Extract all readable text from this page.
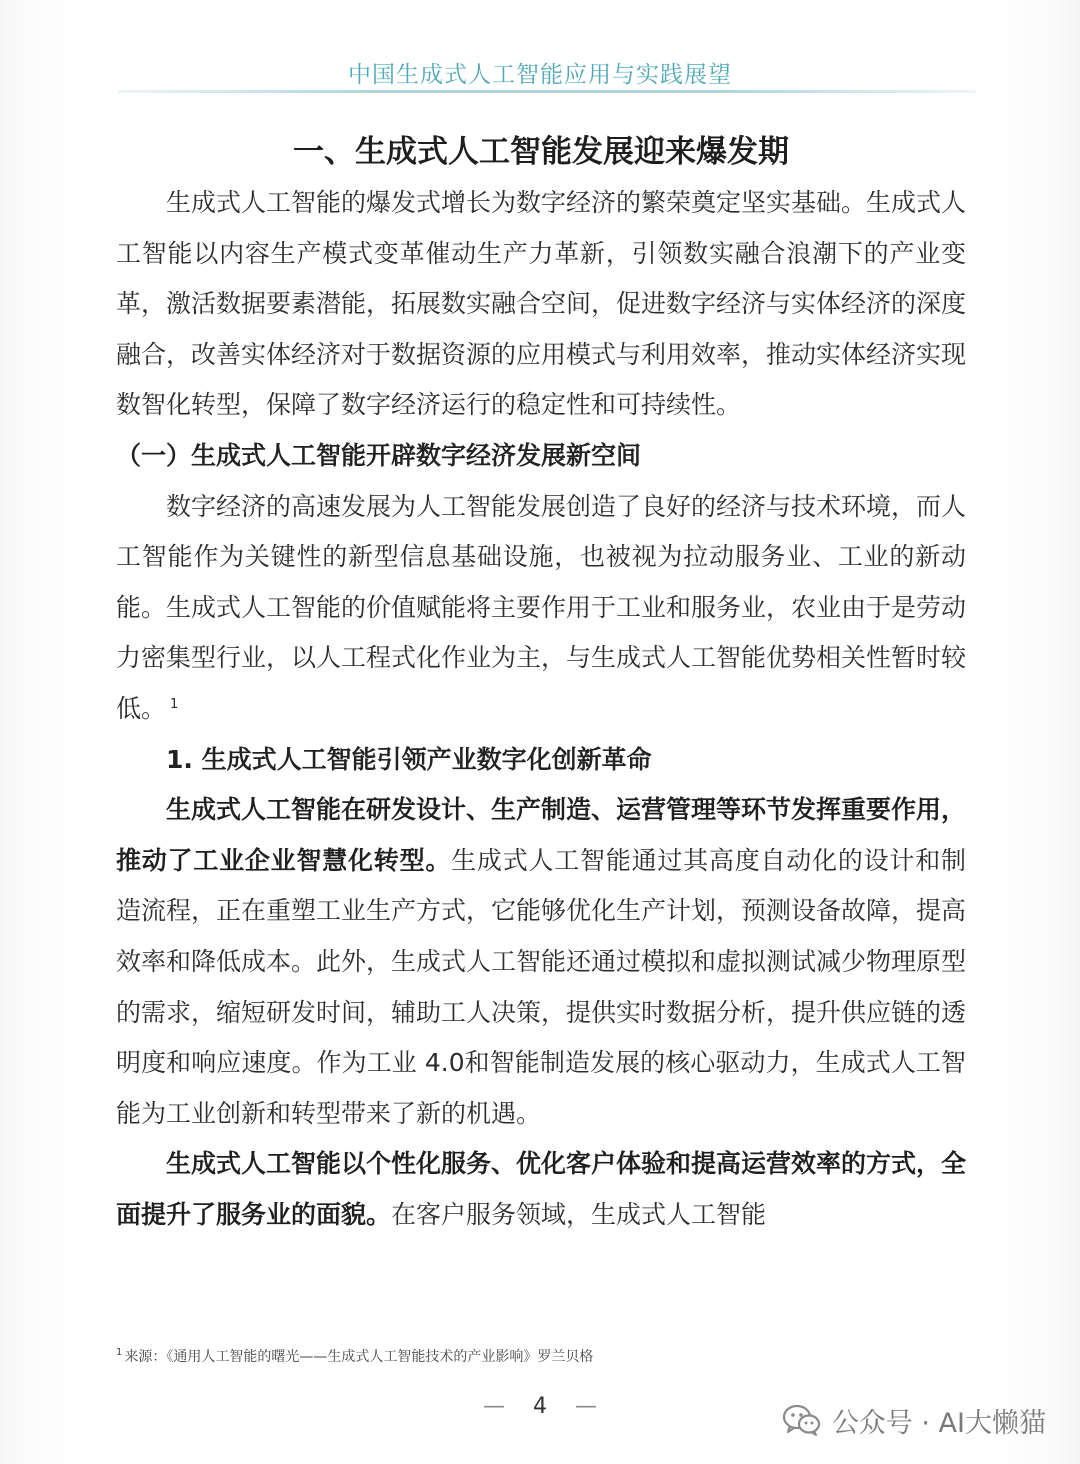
中国生成式人工智能应用与实践展望
一、生成式人工智能发展迎来爆发期

生成式人工智能的爆发式增长为数字经济的繁荣奠定坚实基础。生成式人工智能以内容生产模式变革催动生产力革新，引领数实融合浪潮下的产业变革，激活数据要素潜能，拓展数实融合空间，促进数字经济与实体经济的深度融合，改善实体经济对于数据资源的应用模式与利用效率，推动实体经济实现数智化转型，保障了数字经济运行的稳定性和可持续性。

（一）生成式人工智能开辟数字经济发展新空间

数字经济的高速发展为人工智能发展创造了良好的经济与技术环境，而人工智能作为关键性的新型信息基础设施，也被视为拉动服务业、工业的新动能。生成式人工智能的价值赋能将主要作用于工业和服务业，农业由于是劳动力密集型行业，以人工程式化作业为主，与生成式人工智能优势相关性暂时较低。 $^1$

1. 生成式人工智能引领产业数字化创新革命

生成式人工智能在研发设计、生产制造、运营管理等环节发挥重要作用，推动了工业企业智慧化转型。生成式人工智能通过其高度自动化的设计和制造流程，正在重塑工业生产方式，它能够优化生产计划，预测设备故障，提高效率和降低成本。此外，生成式人工智能还通过模拟和虚拟测试减少物理原型的需求，缩短研发时间，辅助工人决策，提供实时数据分析，提升供应链的透明度和响应速度。作为工业 4.0和智能制造发展的核心驱动力，生成式人工智能为工业创新和转型带来了新的机遇。

生成式人工智能以个性化服务、优化客户体验和提高运营效率的方式，全面提升了服务业的面貌。在客户服务领域，生成式人工智能

$^1$ 来源：《通用人工智能的曙光——生成式人工智能技术的产业影响》罗兰贝格
— 4 —
公众号 · AI大懒猫
